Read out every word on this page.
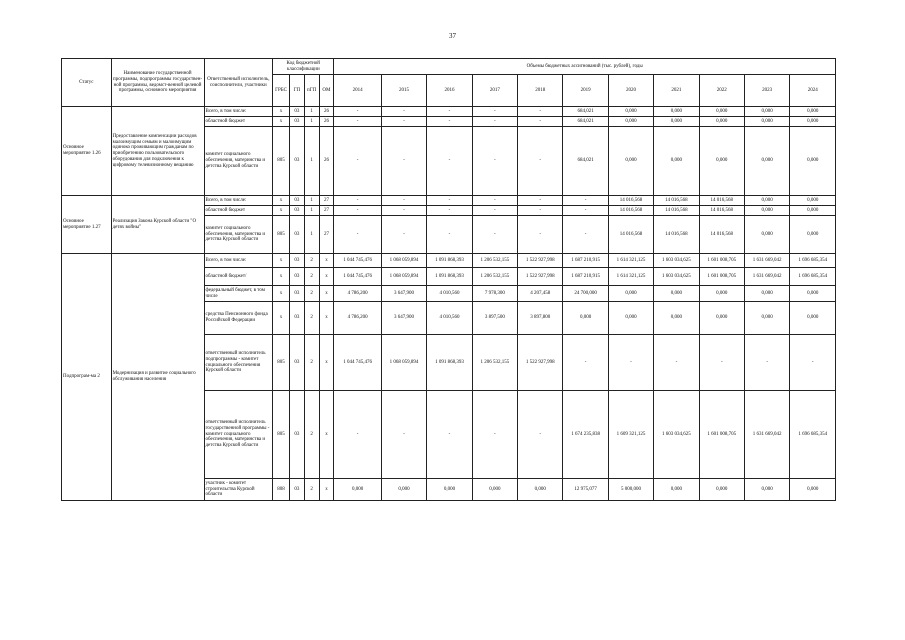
37
Статус	Наименование государственной программы, подпрограммы государствен-ной программы, ведомст-венной целевой программы, основного мероприятия	Ответственный исполнитель, соисполнители, участники	Код бюджетной классификации				Объемы бюджетных ассигнований (тыс. рублей), годы										
			ГРБС	ГП	пГП	ОМ	2014	2015	2016	2017	2018	2019	2020	2021	2022	2023	2024
Основное мероприятие 1.26	Предоставление компенсации расходов малоимущим семьям и малоимущим одиноко проживающим гражданам по приобретению пользовательского оборудования для подключения к цифровому телевизионному вещанию	Всего, в том числе:	х	03	1	26	-	-	-	-	-	684,021	0,000	0,000	0,000	0,000	0,000
		областной бюджет	х	03	1	26	-	-	-	-	-	684,021	0,000	0,000	0,000	0,000	0,000
		комитет социального обеспечения, материнства и детства Курской области	805	03	1	26	-	-	-	-	-	684,021	0,000	0,000	0,000	0,000	0,000
Основное мероприятие 1.27	Реализация Закона Курской области "О детях войны"	Всего, в том числе:	х	03	1	27	-	-	-	-	-	-	14 016,568	14 016,568	14 016,568	0,000	0,000
		областной бюджет	х	03	1	27	-	-	-	-	-	-	14 016,568	14 016,568	14 016,568	0,000	0,000
		комитет социального обеспечения, материнства и детства Курской области	805	03	1	27	-	-	-	-	-	-	14 016,568	14 016,568	14 016,568	0,000	0,000
Подпрограм-ма 2	Модернизация и развитие социального обслуживания населения	Всего, в том числе:	х	03	2	х	1 044 745,476	1 068 059,894	1 091 868,393	1 206 532,155	1 522 927,998	1 687 210,915	1 614 321,125	1 603 034,625	1 601 008,705	1 631 669,042	1 696 685,354
		областной бюджет/	х	03	2	х	1 044 745,476	1 068 059,894	1 091 868,393	1 206 532,155	1 522 927,998	1 687 210,915	1 614 321,125	1 603 034,625	1 601 008,705	1 631 669,042	1 696 685,354
		федеральный бюджет, в том числе	х	03	2	х	4 786,200	3 647,900	4 010,560	7 978,300	4 207,458	24 700,000	0,000	0,000	0,000	0,000	0,000
		средства Пенсионного фонда Российской Федерации	х	03	2	х	4 786,200	3 647,900	4 010,560	3 897,500	3 897,800	0,000	0,000	0,000	0,000	0,000	0,000
		ответственный исполнитель подпрограммы - комитет социального обеспечения Курской области	805	03	2	х	1 044 745,476	1 068 059,894	1 091 868,393	1 206 532,155	1 522 927,998	-	-	-	-	-	-
		ответственный исполнитель государственной программы - комитет социального обеспечения, материнства и детства Курской области	805	03	2	х	-	-	-	-	-	1 674 235,838	1 609 321,125	1 603 034,625	1 601 008,705	1 631 669,042	1 696 685,354
		участник - комитет строительства Курской области	808	03	2	х	0,000	0,000	0,000	0,000	0,000	12 975,077	5 000,000	0,000	0,000	0,000	0,000
